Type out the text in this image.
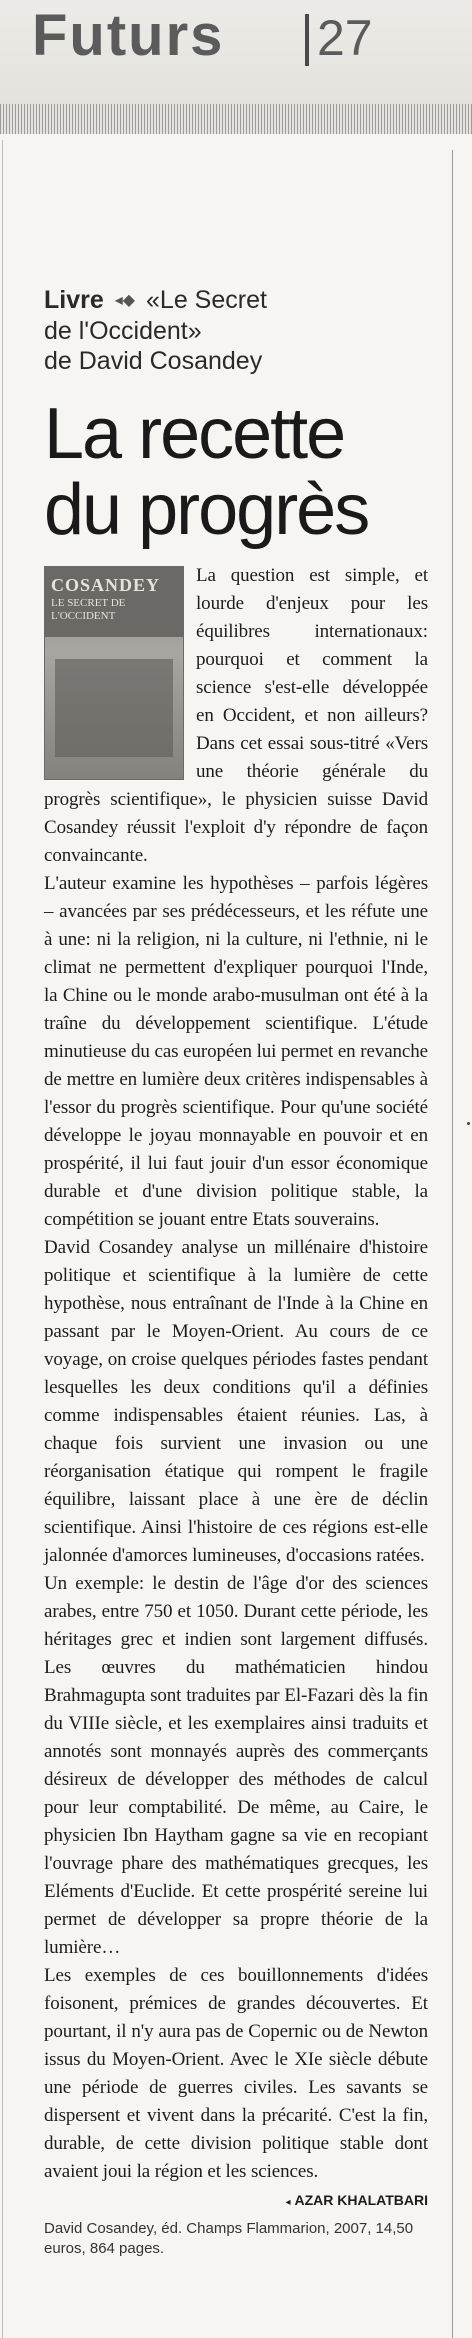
Futurs 27
Livre ◂◆ «Le Secret
de l'Occident»
de David Cosandey
La recette
du progrès
COSANDEY
LE SECRET DE L'OCCIDENT

La question est simple, et lourde d'enjeux pour les équilibres internationaux: pourquoi et comment la science s'est-elle développée en Occident, et non ailleurs? Dans cet essai sous-titré «Vers une théorie générale du progrès scientifique», le physicien suisse David Cosandey réussit l'exploit d'y répondre de façon convaincante.

L'auteur examine les hypothèses – parfois légères – avancées par ses prédécesseurs, et les réfute une à une: ni la religion, ni la culture, ni l'ethnie, ni le climat ne permettent d'expliquer pourquoi l'Inde, la Chine ou le monde arabo-musulman ont été à la traîne du développement scientifique. L'étude minutieuse du cas européen lui permet en revanche de mettre en lumière deux critères indispensables à l'essor du progrès scientifique. Pour qu'une société développe le joyau monnayable en pouvoir et en prospérité, il lui faut jouir d'un essor économique durable et d'une division politique stable, la compétition se jouant entre Etats souverains.

David Cosandey analyse un millénaire d'histoire politique et scientifique à la lumière de cette hypothèse, nous entraînant de l'Inde à la Chine en passant par le Moyen-Orient. Au cours de ce voyage, on croise quelques périodes fastes pendant lesquelles les deux conditions qu'il a définies comme indispensables étaient réunies. Las, à chaque fois survient une invasion ou une réorganisation étatique qui rompent le fragile équilibre, laissant place à une ère de déclin scientifique. Ainsi l'histoire de ces régions est-elle jalonnée d'amorces lumineuses, d'occasions ratées.

Un exemple: le destin de l'âge d'or des sciences arabes, entre 750 et 1050. Durant cette période, les héritages grec et indien sont largement diffusés. Les œuvres du mathématicien hindou Brahmagupta sont traduites par El-Fazari dès la fin du VIIIe siècle, et les exemplaires ainsi traduits et annotés sont monnayés auprès des commerçants désireux de développer des méthodes de calcul pour leur comptabilité. De même, au Caire, le physicien Ibn Haytham gagne sa vie en recopiant l'ouvrage phare des mathématiques grecques, les Eléments d'Euclide. Et cette prospérité sereine lui permet de développer sa propre théorie de la lumière…

Les exemples de ces bouillonnements d'idées foisonent, prémices de grandes découvertes. Et pourtant, il n'y aura pas de Copernic ou de Newton issus du Moyen-Orient. Avec le XIe siècle débute une période de guerres civiles. Les savants se dispersent et vivent dans la précarité. C'est la fin, durable, de cette division politique stable dont avaient joui la région et les sciences.

◂ AZAR KHALATBARI
David Cosandey, éd. Champs Flammarion, 2007, 14,50 euros, 864 pages.
